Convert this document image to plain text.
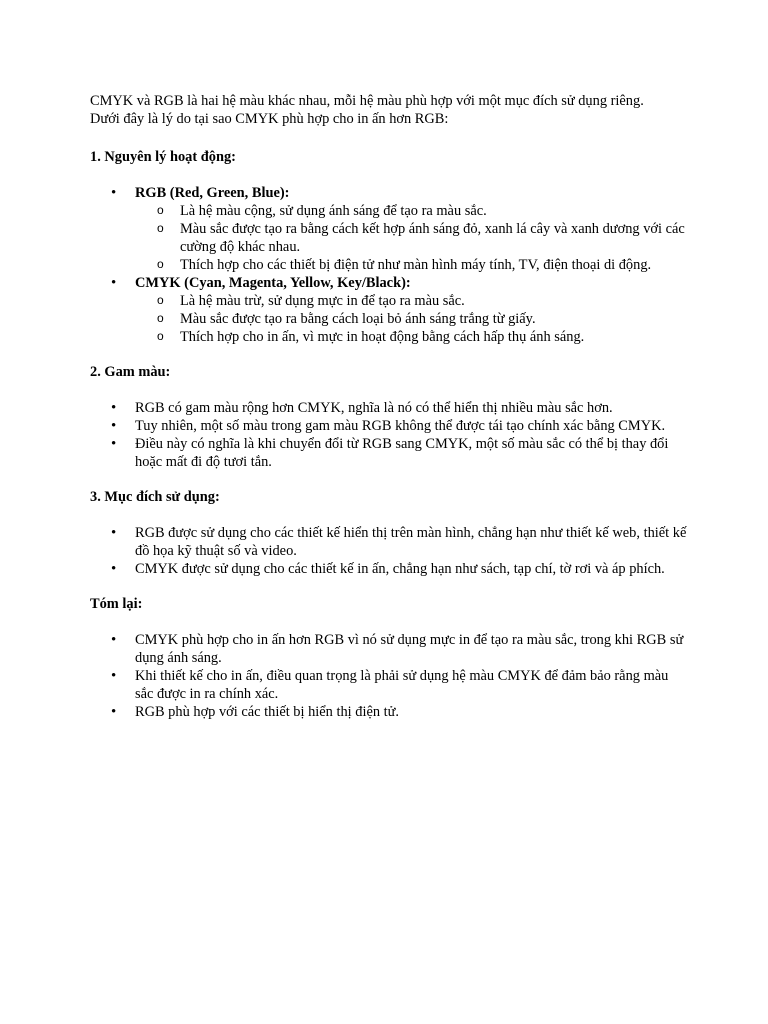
CMYK và RGB là hai hệ màu khác nhau, mỗi hệ màu phù hợp với một mục đích sử dụng riêng.
Dưới đây là lý do tại sao CMYK phù hợp cho in ấn hơn RGB:

1. Nguyên lý hoạt động:

• RGB (Red, Green, Blue):
o Là hệ màu cộng, sử dụng ánh sáng để tạo ra màu sắc.
o Màu sắc được tạo ra bằng cách kết hợp ánh sáng đỏ, xanh lá cây và xanh dương với các cường độ khác nhau.
o Thích hợp cho các thiết bị điện tử như màn hình máy tính, TV, điện thoại di động.
• CMYK (Cyan, Magenta, Yellow, Key/Black):
o Là hệ màu trừ, sử dụng mực in để tạo ra màu sắc.
o Màu sắc được tạo ra bằng cách loại bỏ ánh sáng trắng từ giấy.
o Thích hợp cho in ấn, vì mực in hoạt động bằng cách hấp thụ ánh sáng.

2. Gam màu:

• RGB có gam màu rộng hơn CMYK, nghĩa là nó có thể hiển thị nhiều màu sắc hơn.
• Tuy nhiên, một số màu trong gam màu RGB không thể được tái tạo chính xác bằng CMYK.
• Điều này có nghĩa là khi chuyển đổi từ RGB sang CMYK, một số màu sắc có thể bị thay đổi hoặc mất đi độ tươi tắn.

3. Mục đích sử dụng:

• RGB được sử dụng cho các thiết kế hiển thị trên màn hình, chẳng hạn như thiết kế web, thiết kế đồ họa kỹ thuật số và video.
• CMYK được sử dụng cho các thiết kế in ấn, chẳng hạn như sách, tạp chí, tờ rơi và áp phích.

Tóm lại:

• CMYK phù hợp cho in ấn hơn RGB vì nó sử dụng mực in để tạo ra màu sắc, trong khi RGB sử dụng ánh sáng.
• Khi thiết kế cho in ấn, điều quan trọng là phải sử dụng hệ màu CMYK để đảm bảo rằng màu sắc được in ra chính xác.
• RGB phù hợp với các thiết bị hiển thị điện tử.
